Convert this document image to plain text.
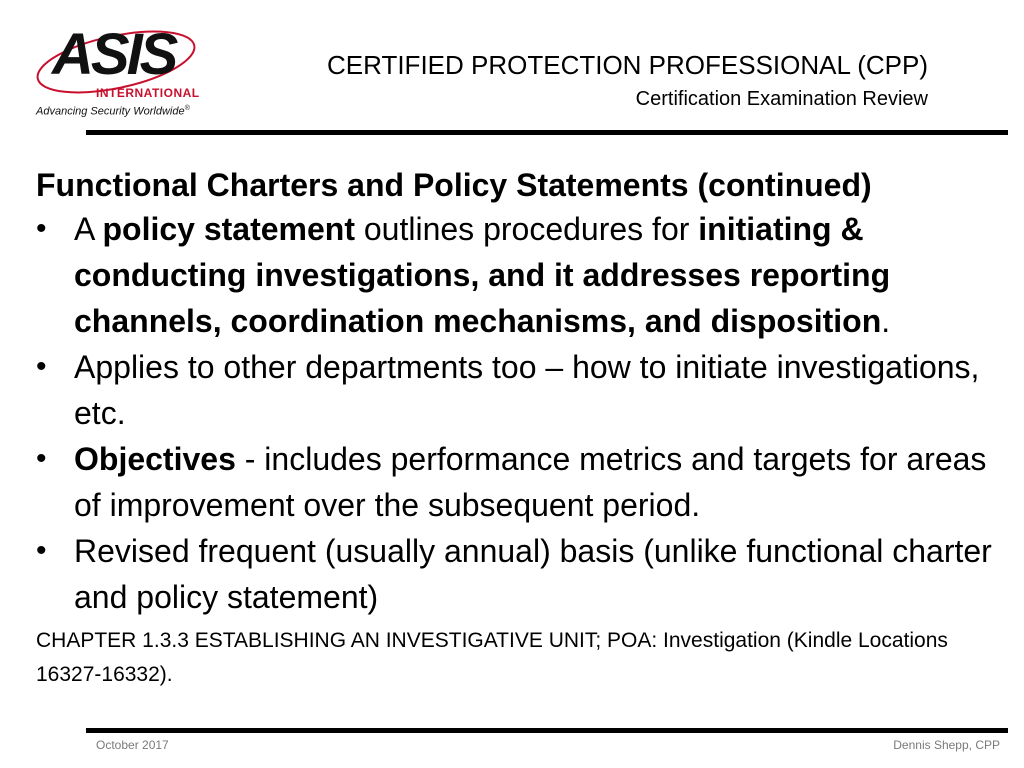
ASIS
INTERNATIONAL
Advancing Security Worldwide®
CERTIFIED PROTECTION PROFESSIONAL (CPP)
Certification Examination Review
Functional Charters and Policy Statements (continued)
• A policy statement outlines procedures for initiating & conducting investigations, and it addresses reporting channels, coordination mechanisms, and disposition.
• Applies to other departments too – how to initiate investigations, etc.
• Objectives - includes performance metrics and targets for areas of improvement over the subsequent period.
• Revised frequent (usually annual) basis (unlike functional charter and policy statement)
CHAPTER 1.3.3 ESTABLISHING AN INVESTIGATIVE UNIT; POA: Investigation (Kindle Locations 16327-16332).
October 2017	Dennis Shepp, CPP
